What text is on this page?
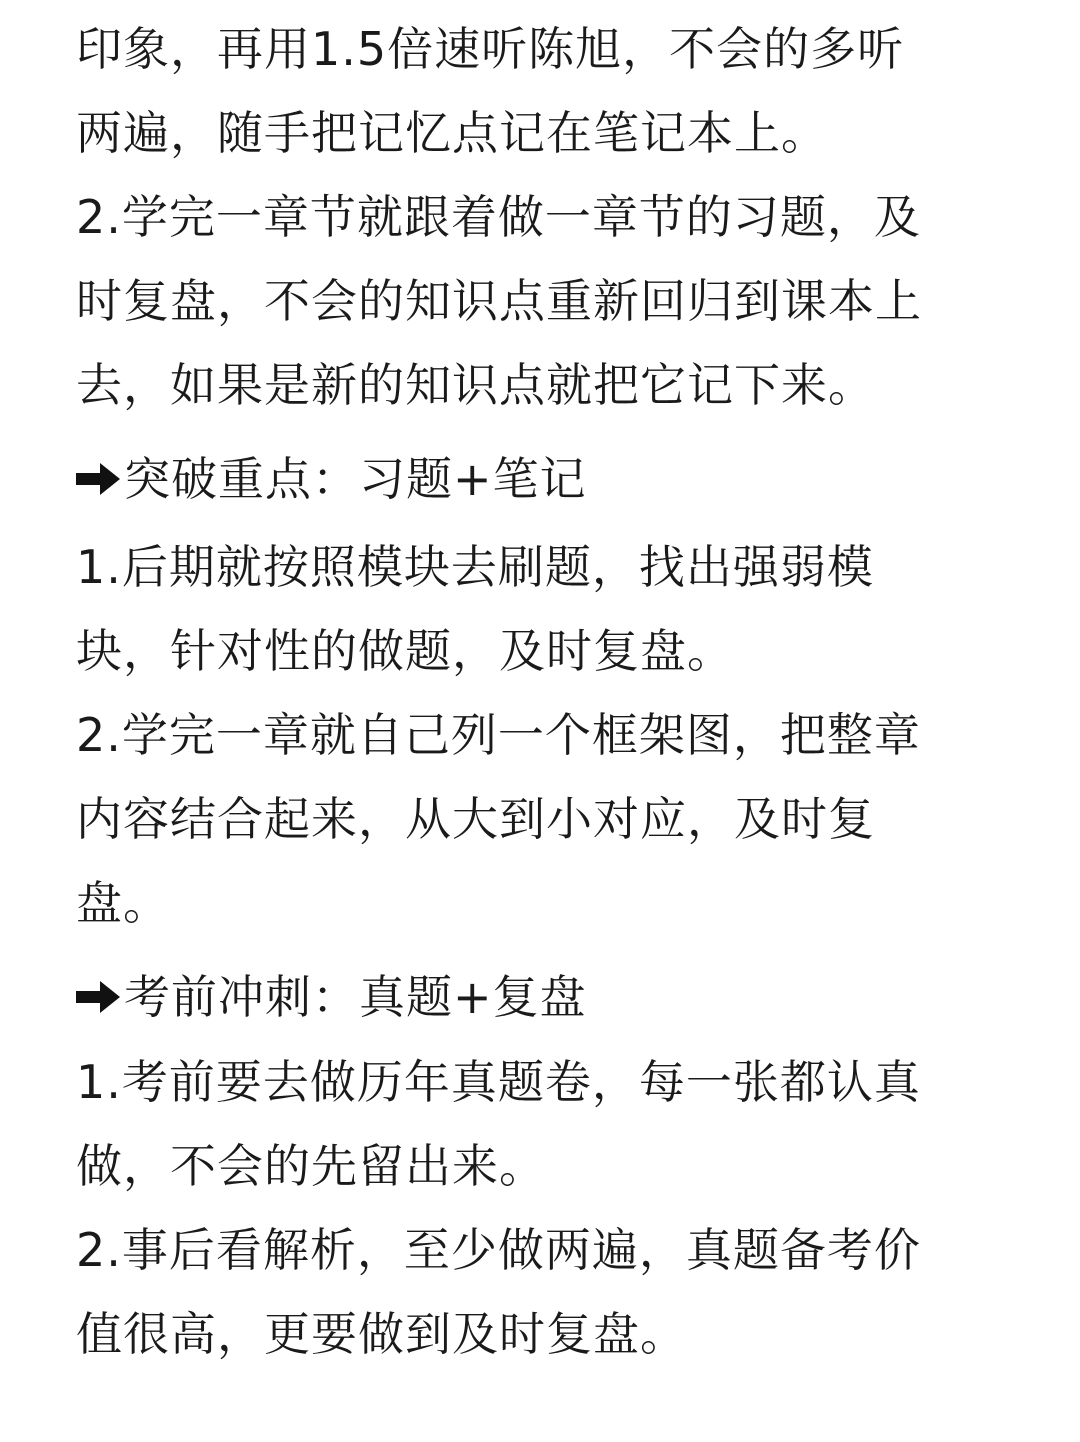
印象，再用1.5倍速听陈旭，不会的多听

两遍，随手把记忆点记在笔记本上。

2.学完一章节就跟着做一章节的习题，及

时复盘，不会的知识点重新回归到课本上

去，如果是新的知识点就把它记下来。

突破重点：习题+笔记

1.后期就按照模块去刷题，找出强弱模

块，针对性的做题，及时复盘。

2.学完一章就自己列一个框架图，把整章

内容结合起来，从大到小对应，及时复

盘。

考前冲刺：真题+复盘

1.考前要去做历年真题卷，每一张都认真

做，不会的先留出来。

2.事后看解析，至少做两遍，真题备考价

值很高，更要做到及时复盘。
